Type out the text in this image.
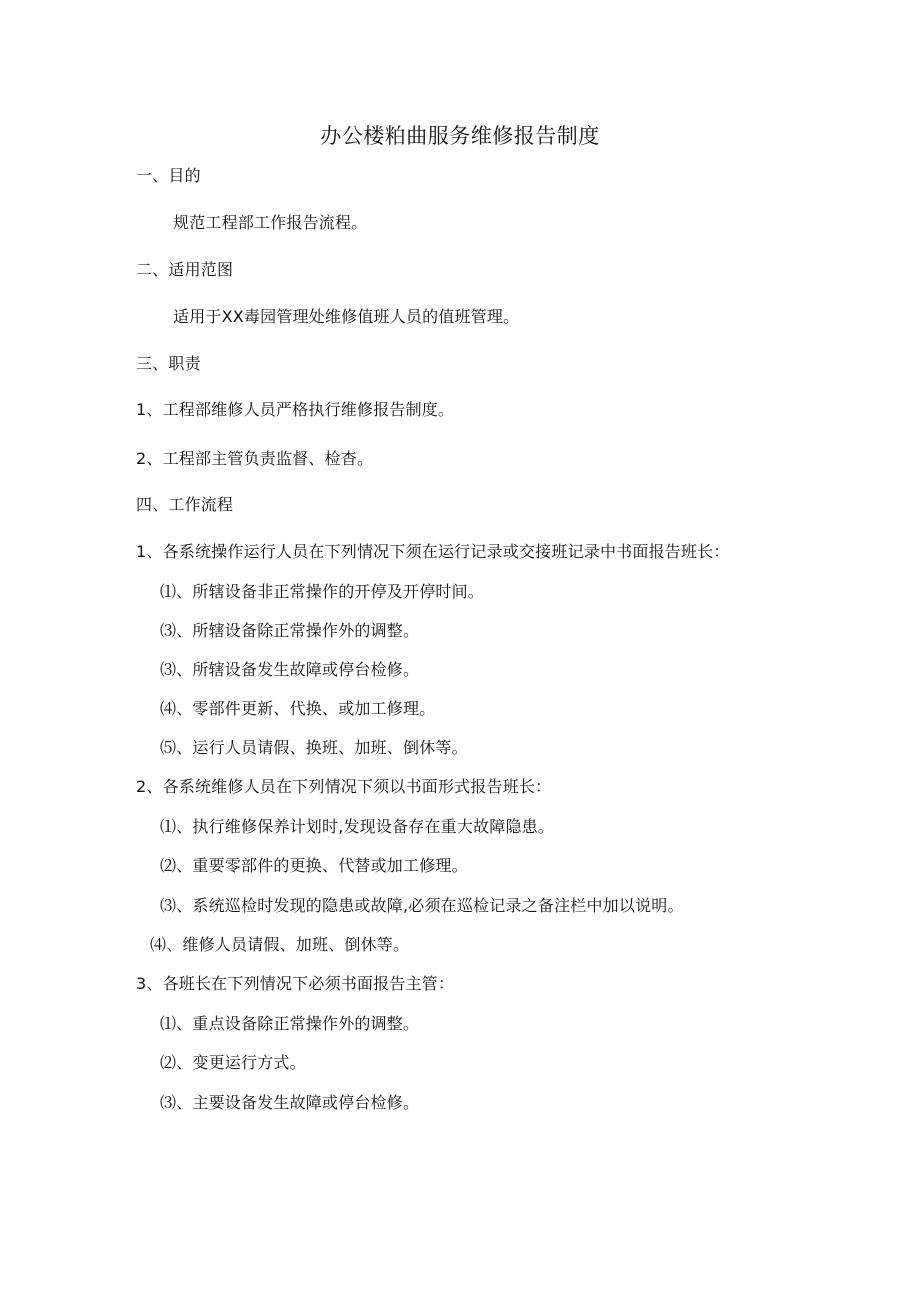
办公楼粕曲服务维修报告制度
一、目的
规范工程部工作报告流程。
二、适用范图
适用于XX毒园管理处维修值班人员的值班管理。
三、职责
1、工程部维修人员严格执行维修报告制度。
2、工程部主管负责监督、检杳。
四、工作流程
1、各系统操作运行人员在下列情况下须在运行记录或交接班记录中书面报告班长：
⑴、所辖设备非正常操作的开停及开停时间。
⑶、所辖设备除正常操作外的调整。
⑶、所辖设备发生故障或停台检修。
⑷、零部件更新、代换、或加工修理。
⑸、运行人员请假、换班、加班、倒休等。
2、各系统维修人员在下列情况下须以书面形式报告班长：
⑴、执行维修保养计划时,发现设备存在重大故障隐患。
⑵、重要零部件的更换、代替或加工修理。
⑶、系统巡检时发现的隐患或故障,必须在巡检记录之备注栏中加以说明。
⑷、维修人员请假、加班、倒休等。
3、各班长在下列情况下必须书面报告主管：
⑴、重点设备除正常操作外的调整。
⑵、变更运行方式。
⑶、主要设备发生故障或停台检修。
